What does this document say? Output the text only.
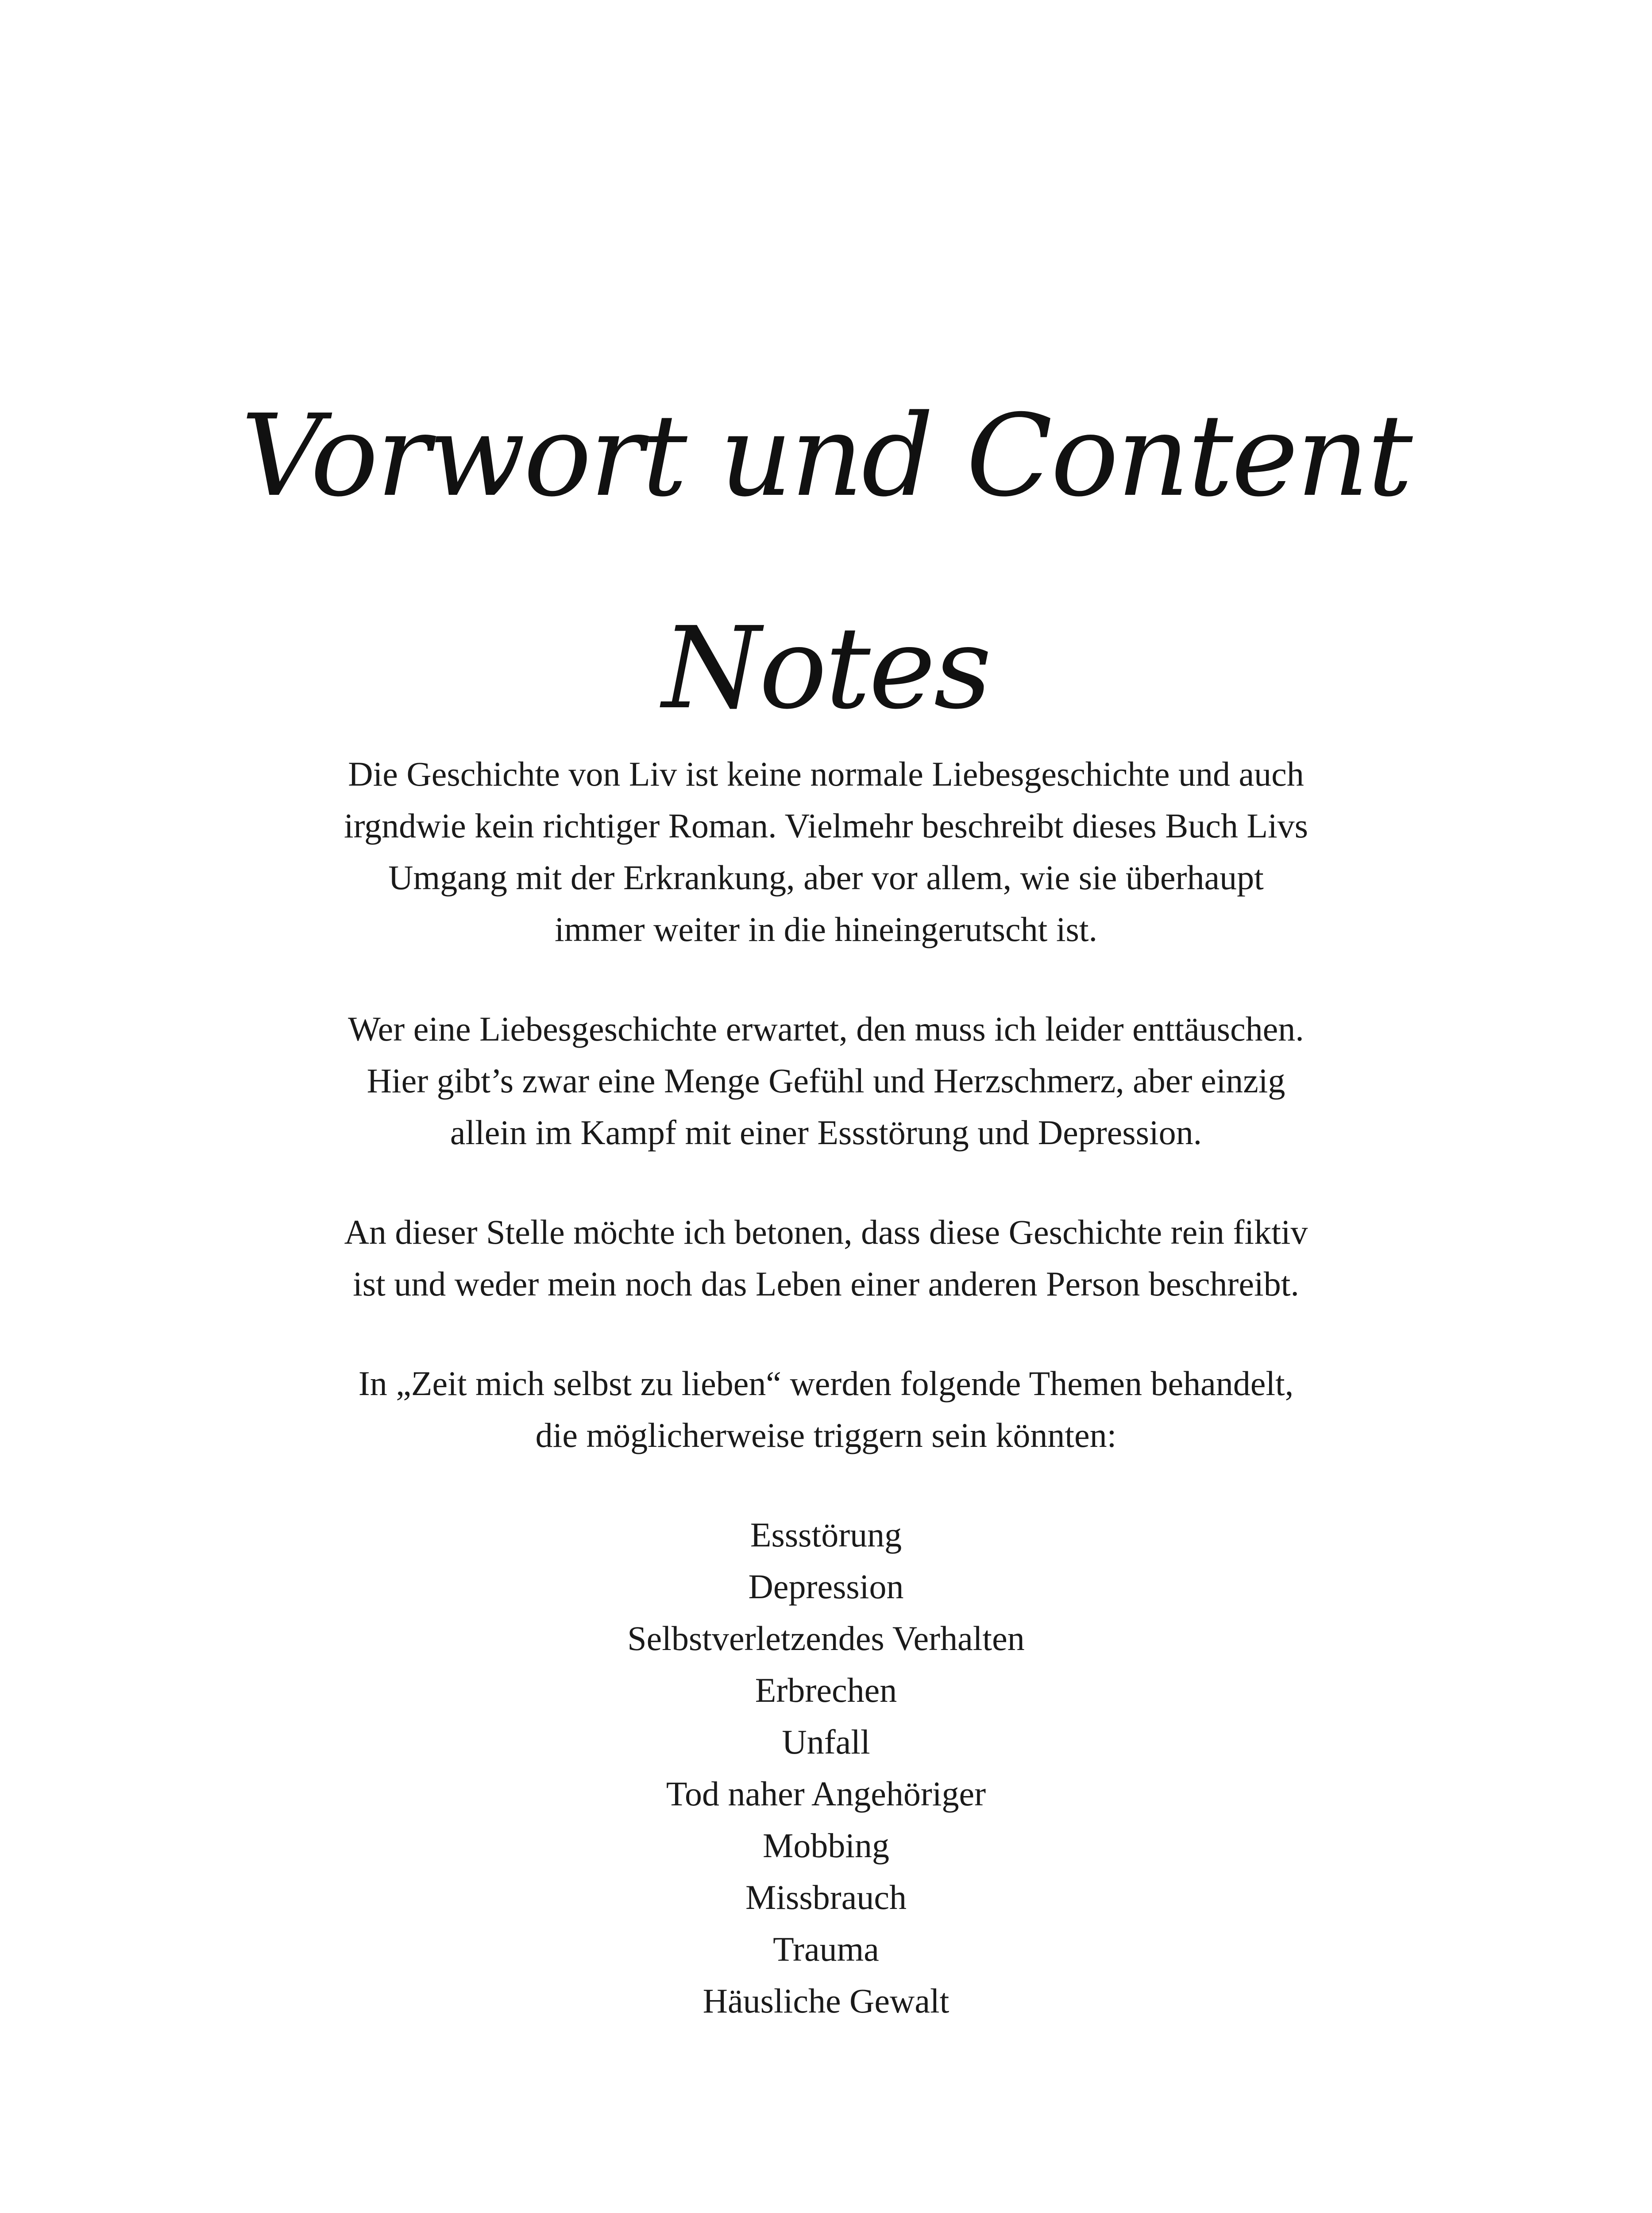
Vorwort und Content
Notes

Die Geschichte von Liv ist keine normale Liebesgeschichte und auch
irgndwie kein richtiger Roman. Vielmehr beschreibt dieses Buch Livs
Umgang mit der Erkrankung, aber vor allem, wie sie überhaupt
immer weiter in die hineingerutscht ist.

Wer eine Liebesgeschichte erwartet, den muss ich leider enttäuschen.
Hier gibt’s zwar eine Menge Gefühl und Herzschmerz, aber einzig
allein im Kampf mit einer Essstörung und Depression.

An dieser Stelle möchte ich betonen, dass diese Geschichte rein fiktiv
ist und weder mein noch das Leben einer anderen Person beschreibt.

In „Zeit mich selbst zu lieben“ werden folgende Themen behandelt,
die möglicherweise triggern sein könnten:

Essstörung
Depression
Selbstverletzendes Verhalten
Erbrechen
Unfall
Tod naher Angehöriger
Mobbing
Missbrauch
Trauma
Häusliche Gewalt
